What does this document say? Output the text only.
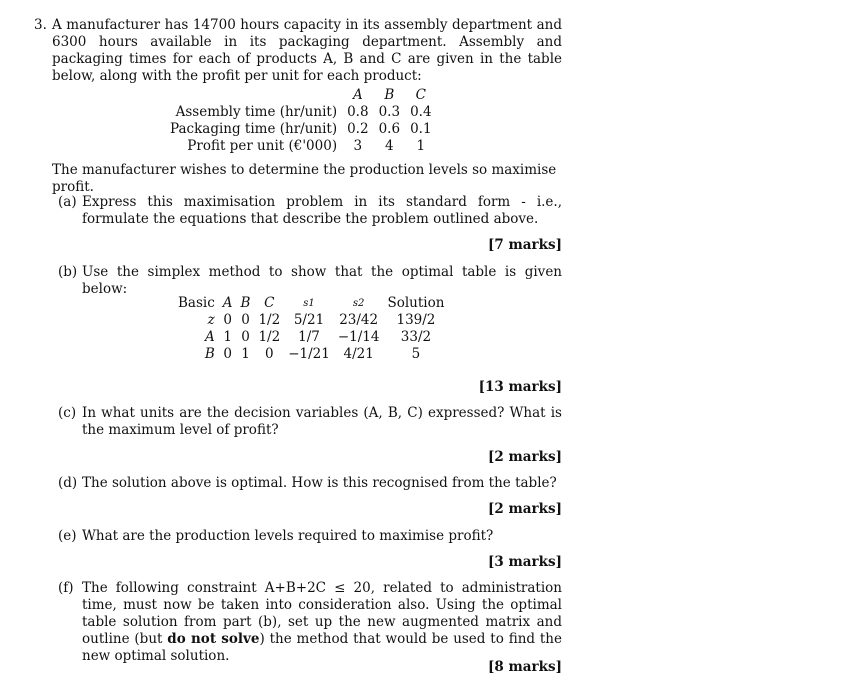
3. A manufacturer has 14700 hours capacity in its assembly department and 6300 hours available in its packaging department. Assembly and packaging times for each of products A, B and C are given in the table below, along with the profit per unit for each product:
	A	B	C
Assembly time (hr/unit)	0.8	0.3	0.4
Packaging time (hr/unit)	0.2	0.6	0.1
Profit per unit (€'000)	3	4	1
The manufacturer wishes to determine the production levels so maximise profit.
(a) Express this maximisation problem in its standard form - i.e., formulate the equations that describe the problem outlined above.
[7 marks]
(b) Use the simplex method to show that the optimal table is given below:
Basic	A	B	C	s1	s2	Solution
z	0	0	1/2	5/21	23/42	139/2
A	1	0	1/2	1/7	−1/14	33/2
B	0	1	0	−1/21	4/21	5
[13 marks]
(c) In what units are the decision variables (A, B, C) expressed? What is the maximum level of profit?
[2 marks]
(d) The solution above is optimal. How is this recognised from the table?
[2 marks]
(e) What are the production levels required to maximise profit?
[3 marks]
(f) The following constraint A+B+2C ≤ 20, related to administration time, must now be taken into consideration also. Using the optimal table solution from part (b), set up the new augmented matrix and outline (but do not solve) the method that would be used to find the new optimal solution.
[8 marks]
